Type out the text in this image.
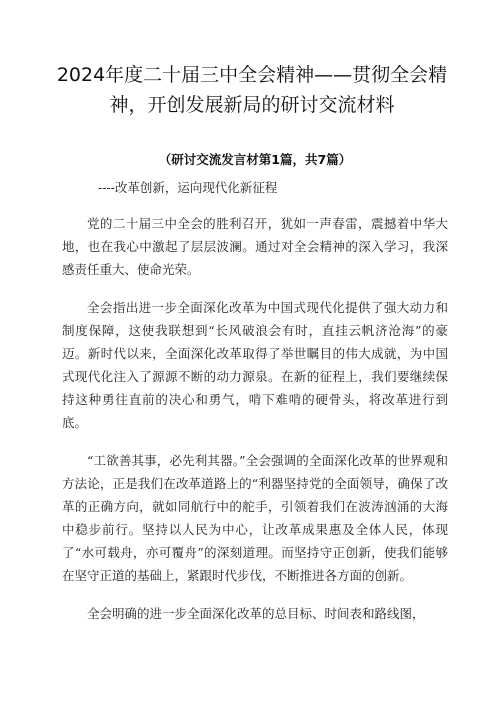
2024年度二十届三中全会精神——贯彻全会精神，开创发展新局的研讨交流材料
（研讨交流发言材第1篇，共7篇）
----改革创新，运向现代化新征程

党的二十届三中全会的胜利召开，犹如一声春雷，震撼着中华大地，也在我心中激起了层层波澜。通过对全会精神的深入学习，我深感责任重大、使命光荣。

全会指出进一步全面深化改革为中国式现代化提供了强大动力和制度保障，这使我联想到“长风破浪会有时，直挂云帆济沧海”的豪迈。新时代以来，全面深化改革取得了举世瞩目的伟大成就，为中国式现代化注入了源源不断的动力源泉。在新的征程上，我们要继续保持这种勇往直前的决心和勇气，啃下难啃的硬骨头，将改革进行到底。

“工欲善其事，必先利其器。”全会强调的全面深化改革的世界观和方法论，正是我们在改革道路上的“利器坚持党的全面领导，确保了改革的正确方向，就如同航行中的舵手，引领着我们在波涛汹涌的大海中稳步前行。坚持以人民为中心，让改革成果惠及全体人民，体现了“水可载舟，亦可覆舟”的深刻道理。而坚持守正创新，使我们能够在坚守正道的基础上，紧跟时代步伐，不断推进各方面的创新。

全会明确的进一步全面深化改革的总目标、时间表和路线图，
